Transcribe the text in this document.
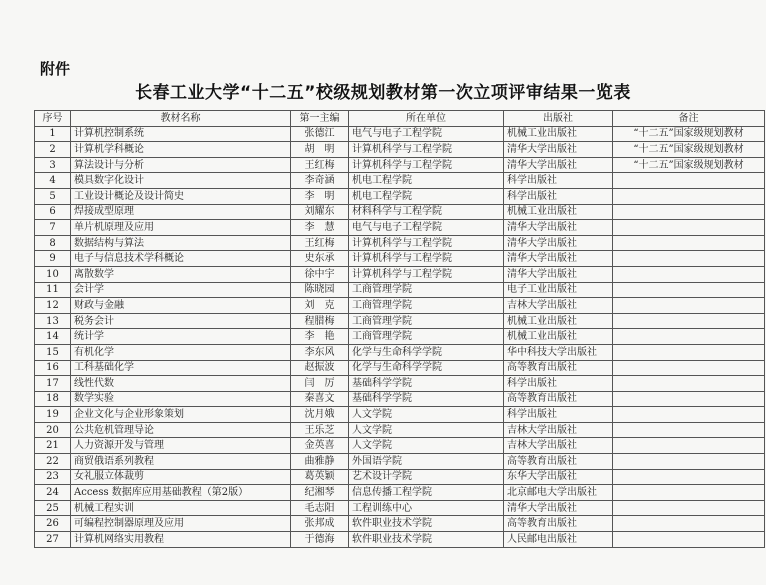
附件
长春工业大学“十二五”校级规划教材第一次立项评审结果一览表
序号	教材名称	第一主编	所在单位	出版社	备注
1	计算机控制系统	张德江	电气与电子工程学院	机械工业出版社	“十二五”国家级规划教材
2	计算机学科概论	胡　明	计算机科学与工程学院	清华大学出版社	“十二五”国家级规划教材
3	算法设计与分析	王红梅	计算机科学与工程学院	清华大学出版社	“十二五”国家级规划教材
4	模具数字化设计	李奇涵	机电工程学院	科学出版社	
5	工业设计概论及设计简史	李　明	机电工程学院	科学出版社	
6	焊接成型原理	刘耀东	材料科学与工程学院	机械工业出版社	
7	单片机原理及应用	李　慧	电气与电子工程学院	清华大学出版社	
8	数据结构与算法	王红梅	计算机科学与工程学院	清华大学出版社	
9	电子与信息技术学科概论	史东承	计算机科学与工程学院	清华大学出版社	
10	离散数学	徐中宇	计算机科学与工程学院	清华大学出版社	
11	会计学	陈晓园	工商管理学院	电子工业出版社	
12	财政与金融	刘　克	工商管理学院	吉林大学出版社	
13	税务会计	程腊梅	工商管理学院	机械工业出版社	
14	统计学	李　艳	工商管理学院	机械工业出版社	
15	有机化学	李东风	化学与生命科学学院	华中科技大学出版社	
16	工科基础化学	赵振波	化学与生命科学学院	高等教育出版社	
17	线性代数	闫　厉	基础科学学院	科学出版社	
18	数学实验	秦喜文	基础科学学院	高等教育出版社	
19	企业文化与企业形象策划	沈月娥	人文学院	科学出版社	
20	公共危机管理导论	王乐芝	人文学院	吉林大学出版社	
21	人力资源开发与管理	金英喜	人文学院	吉林大学出版社	
22	商贸俄语系列教程	曲雅静	外国语学院	高等教育出版社	
23	女礼服立体裁剪	葛英颖	艺术设计学院	东华大学出版社	
24	Access 数据库应用基础教程（第2版）	纪湘琴	信息传播工程学院	北京邮电大学出版社	
25	机械工程实训	毛志阳	工程训练中心	清华大学出版社	
26	可编程控制器原理及应用	张邦成	软件职业技术学院	高等教育出版社	
27	计算机网络实用教程	于德海	软件职业技术学院	人民邮电出版社	
